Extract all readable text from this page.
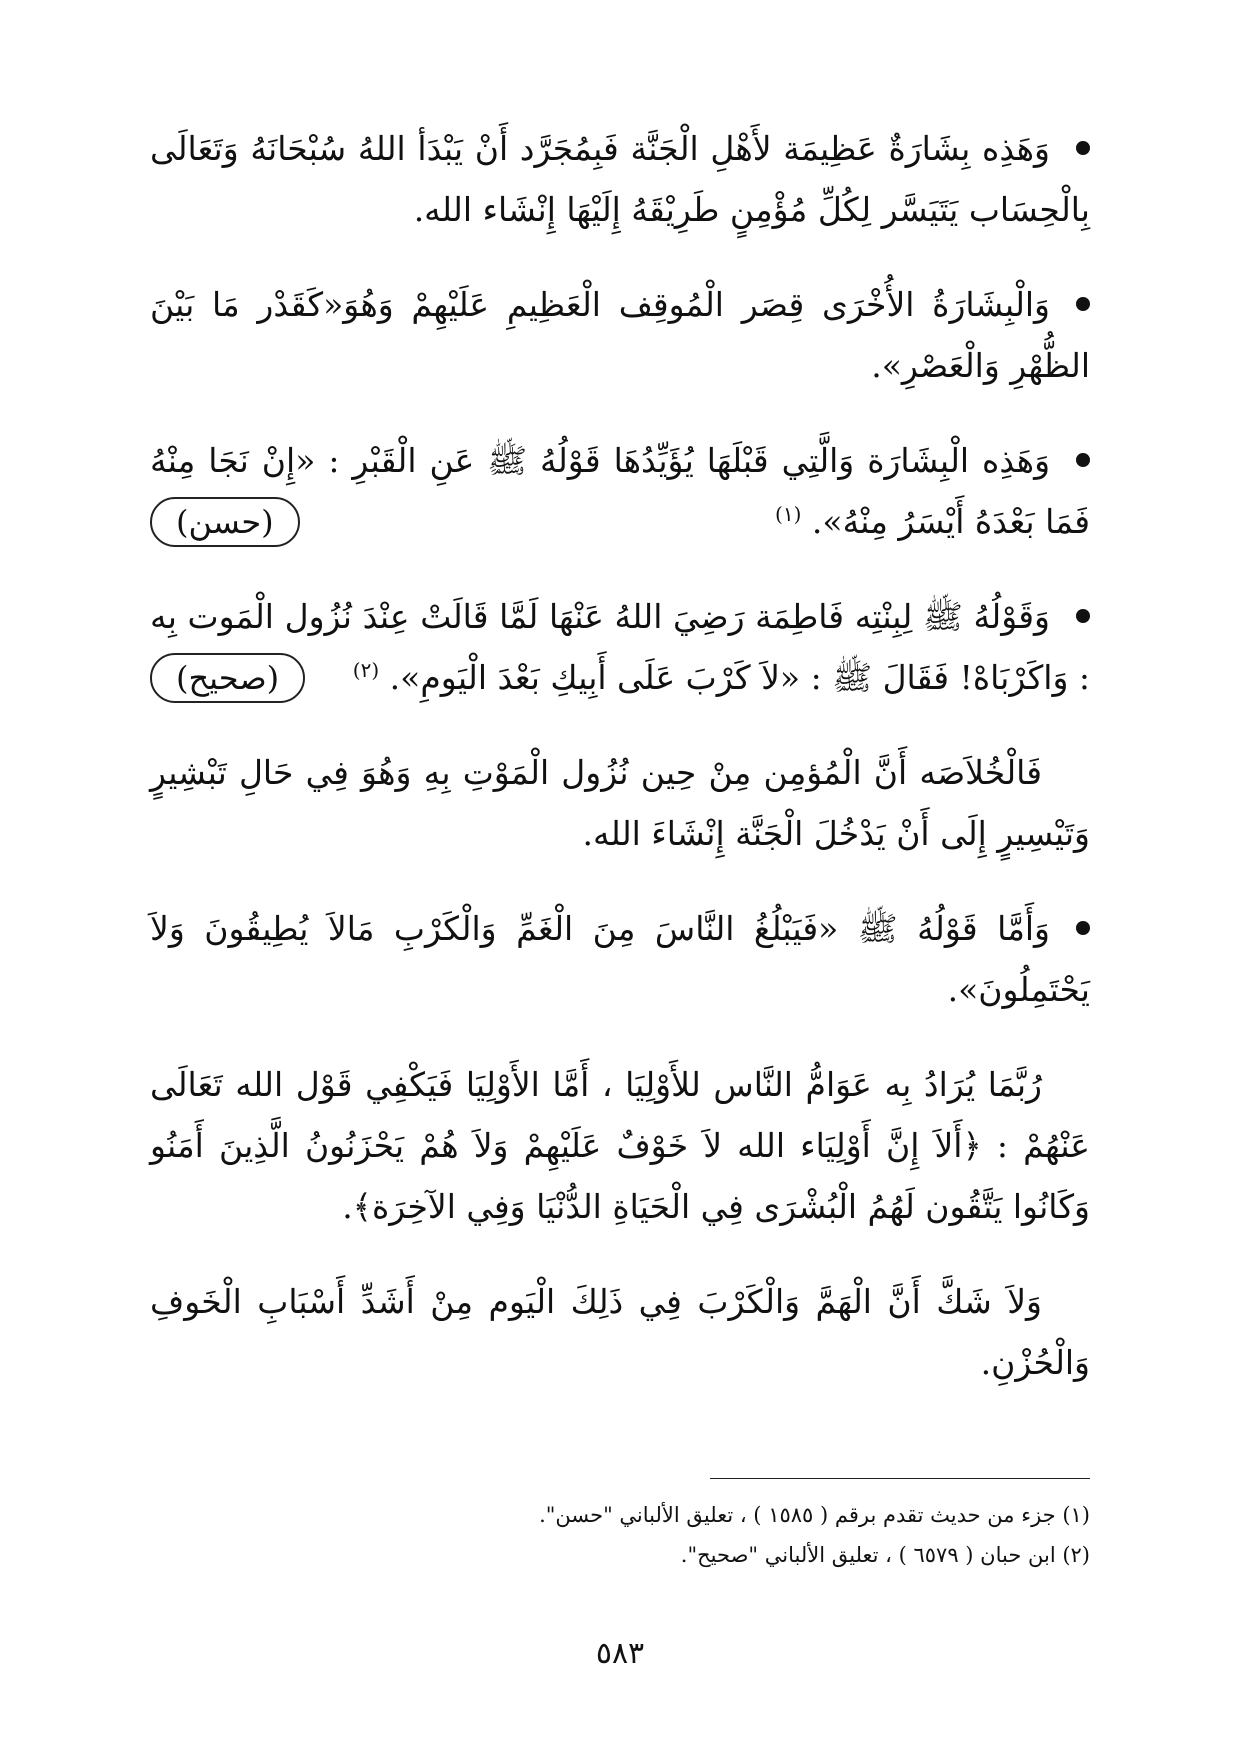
وَهَذِه بِشَارَةٌ عَظِيمَة لأَهْلِ الْجَنَّة فَبِمُجَرَّد أَنْ يَبْدَأ اللهُ سُبْحَانَهُ وَتَعَالَى بِالْحِسَاب يَتَيَسَّر لِكُلِّ مُؤْمِنٍ طَرِيْقَهُ إِلَيْهَا إِنْشَاء الله.

وَالْبِشَارَةُ الأُخْرَى قِصَر الْمُوقِف الْعَظِيمِ عَلَيْهِمْ وَهُوَ«كَقَدْر مَا بَيْنَ الظُّهْرِ وَالْعَصْرِ».

وَهَذِه الْبِشَارَة وَالَّتِي قَبْلَهَا يُؤَيِّدُهَا قَوْلُهُ ﷺ عَنِ الْقَبْرِ : «إِنْ نَجَا مِنْهُ فَمَا بَعْدَهُ أَيْسَرُ مِنْهُ». $^{(١)}$
(حسن)

وَقَوْلُهُ ﷺ لِبِنْتِه فَاطِمَة رَضِيَ اللهُ عَنْهَا لَمَّا قَالَتْ عِنْدَ نُزُول الْمَوت بِه : وَاكَرْبَاهْ! فَقَالَ ﷺ : «لاَ كَرْبَ عَلَى أَبِيكِ بَعْدَ الْيَومِ». $^{(٢)}$
(صحيح)

فَالْخُلاَصَه أَنَّ الْمُؤمِن مِنْ حِين نُزُول الْمَوْتِ بِهِ وَهُوَ فِي حَالِ تَبْشِيرٍ وَتَيْسِيرٍ إِلَى أَنْ يَدْخُلَ الْجَنَّة إِنْشَاءَ الله.

وَأَمَّا قَوْلُهُ ﷺ «فَيَبْلُغُ النَّاسَ مِنَ الْغَمِّ وَالْكَرْبِ مَالاَ يُطِيقُونَ وَلاَ يَحْتَمِلُونَ».

رُبَّمَا يُرَادُ بِه عَوَامُّ النَّاس للأَوْلِيَا ، أَمَّا الأَوْلِيَا فَيَكْفِي قَوْل الله تَعَالَى عَنْهُمْ : ﴿أَلاَ إِنَّ أَوْلِيَاء الله لاَ خَوْفٌ عَلَيْهِمْ وَلاَ هُمْ يَحْزَنُونُ الَّذِينَ أَمَنُو وَكَانُوا يَتَّقُون لَهُمُ الْبُشْرَى فِي الْحَيَاةِ الدُّنْيَا وَفِي الآخِرَة﴾.

وَلاَ شَكَّ أَنَّ الْهَمَّ وَالْكَرْبَ فِي ذَلِكَ الْيَوم مِنْ أَشَدِّ أَسْبَابِ الْخَوفِ وَالْحُزْنِ.

(١) جزء من حديث تقدم برقم ( ١٥٨٥ ) ، تعليق الألباني "حسن".

(٢) ابن حبان ( ٦٥٧٩ ) ، تعليق الألباني "صحيح".

٥٨٣
